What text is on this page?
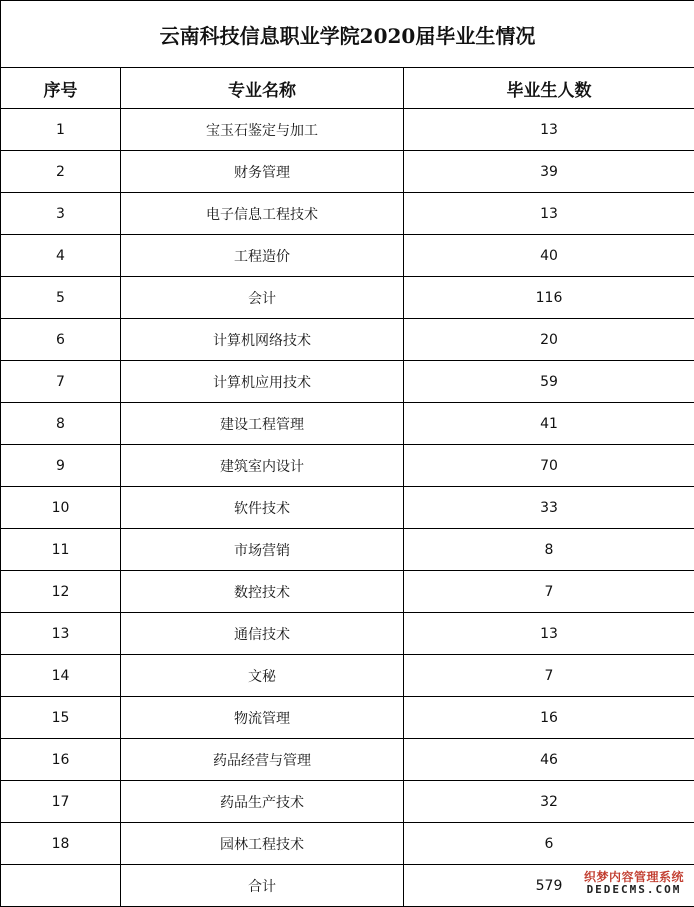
云南科技信息职业学院2020届毕业生情况		
序号	专业名称	毕业生人数
1	宝玉石鉴定与加工	13
2	财务管理	39
3	电子信息工程技术	13
4	工程造价	40
5	会计	116
6	计算机网络技术	20
7	计算机应用技术	59
8	建设工程管理	41
9	建筑室内设计	70
10	软件技术	33
11	市场营销	8
12	数控技术	7
13	通信技术	13
14	文秘	7
15	物流管理	16
16	药品经营与管理	46
17	药品生产技术	32
18	园林工程技术	6
	合计	579
织梦内容管理系统
DEDECMS.COM
